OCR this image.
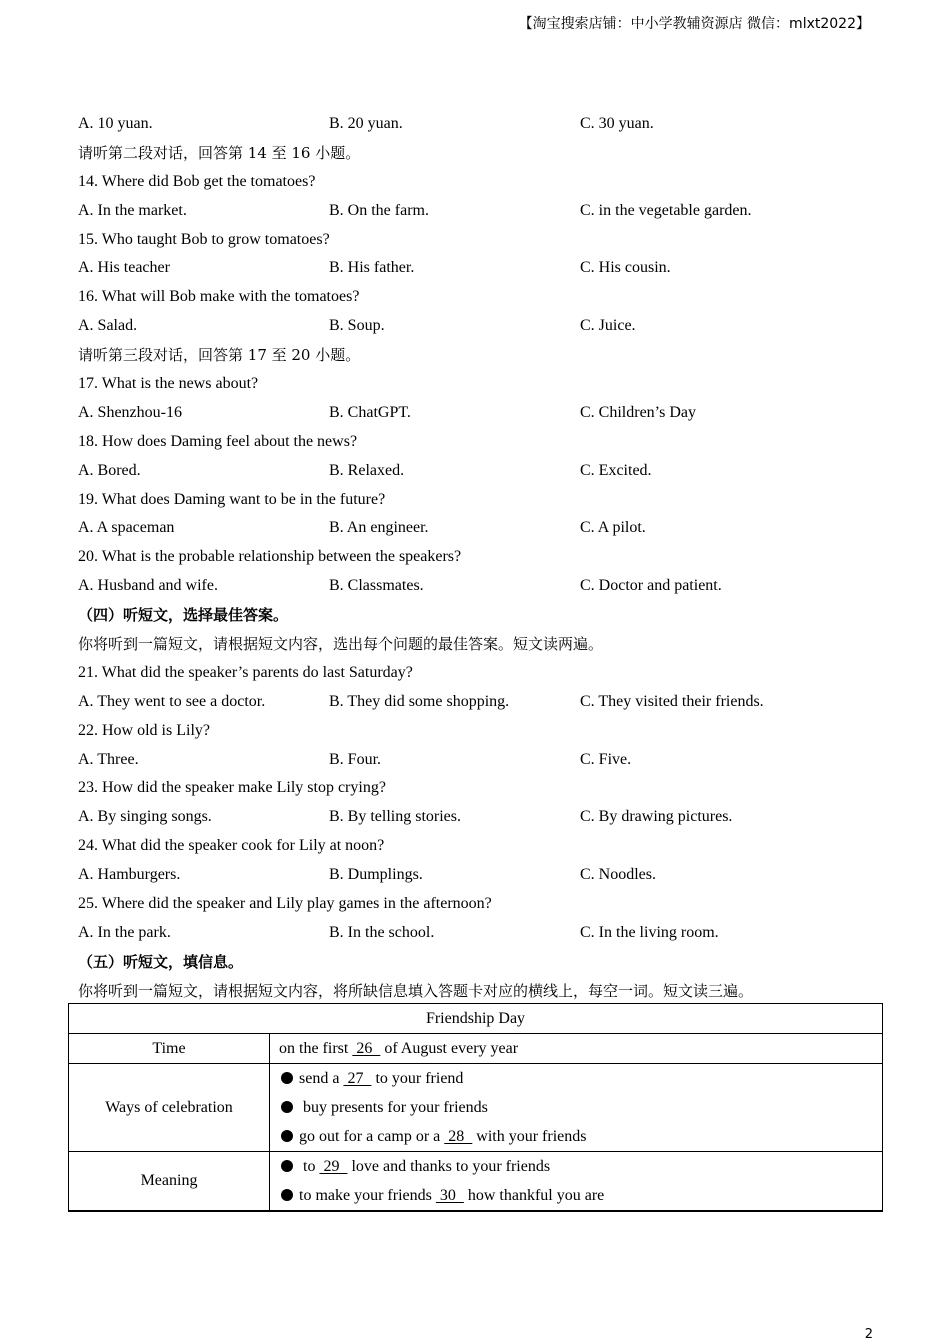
【淘宝搜索店铺：中小学教辅资源店 微信：mlxt2022】
A. 10 yuan.	B. 20 yuan.	C. 30 yuan.
请听第二段对话，回答第 14 至 16 小题。
14. Where did Bob get the tomatoes?
A. In the market.	B. On the farm.	C. in the vegetable garden.
15. Who taught Bob to grow tomatoes?
A. His teacher	B. His father.	C. His cousin.
16. What will Bob make with the tomatoes?
A. Salad.	B. Soup.	C. Juice.
请听第三段对话，回答第 17 至 20 小题。
17. What is the news about?
A. Shenzhou-16	B. ChatGPT.	C. Children’s Day
18. How does Daming feel about the news?
A. Bored.	B. Relaxed.	C. Excited.
19. What does Daming want to be in the future?
A. A spaceman	B. An engineer.	C. A pilot.
20. What is the probable relationship between the speakers?
A. Husband and wife.	B. Classmates.	C. Doctor and patient.
（四）听短文，选择最佳答案。
你将听到一篇短文，请根据短文内容，选出每个问题的最佳答案。短文读两遍。
21. What did the speaker’s parents do last Saturday?
A. They went to see a doctor.	B. They did some shopping.	C. They visited their friends.
22. How old is Lily?
A. Three.	B. Four.	C. Five.
23. How did the speaker make Lily stop crying?
A. By singing songs.	B. By telling stories.	C. By drawing pictures.
24. What did the speaker cook for Lily at noon?
A. Hamburgers.	B. Dumplings.	C. Noodles.
25. Where did the speaker and Lily play games in the afternoon?
A. In the park.	B. In the school.	C. In the living room.
（五）听短文，填信息。
你将听到一篇短文，请根据短文内容，将所缺信息填入答题卡对应的横线上，每空一词。短文读三遍。
Friendship Day	
Time	on the first  26   of August every year

Ways of celebration	send a  27   to your friend
buy presents for your friends
go out for a camp or a  28   with your friends

Meaning	to  29   love and thanks to your friends
to make your friends  30   how thankful you are
2
